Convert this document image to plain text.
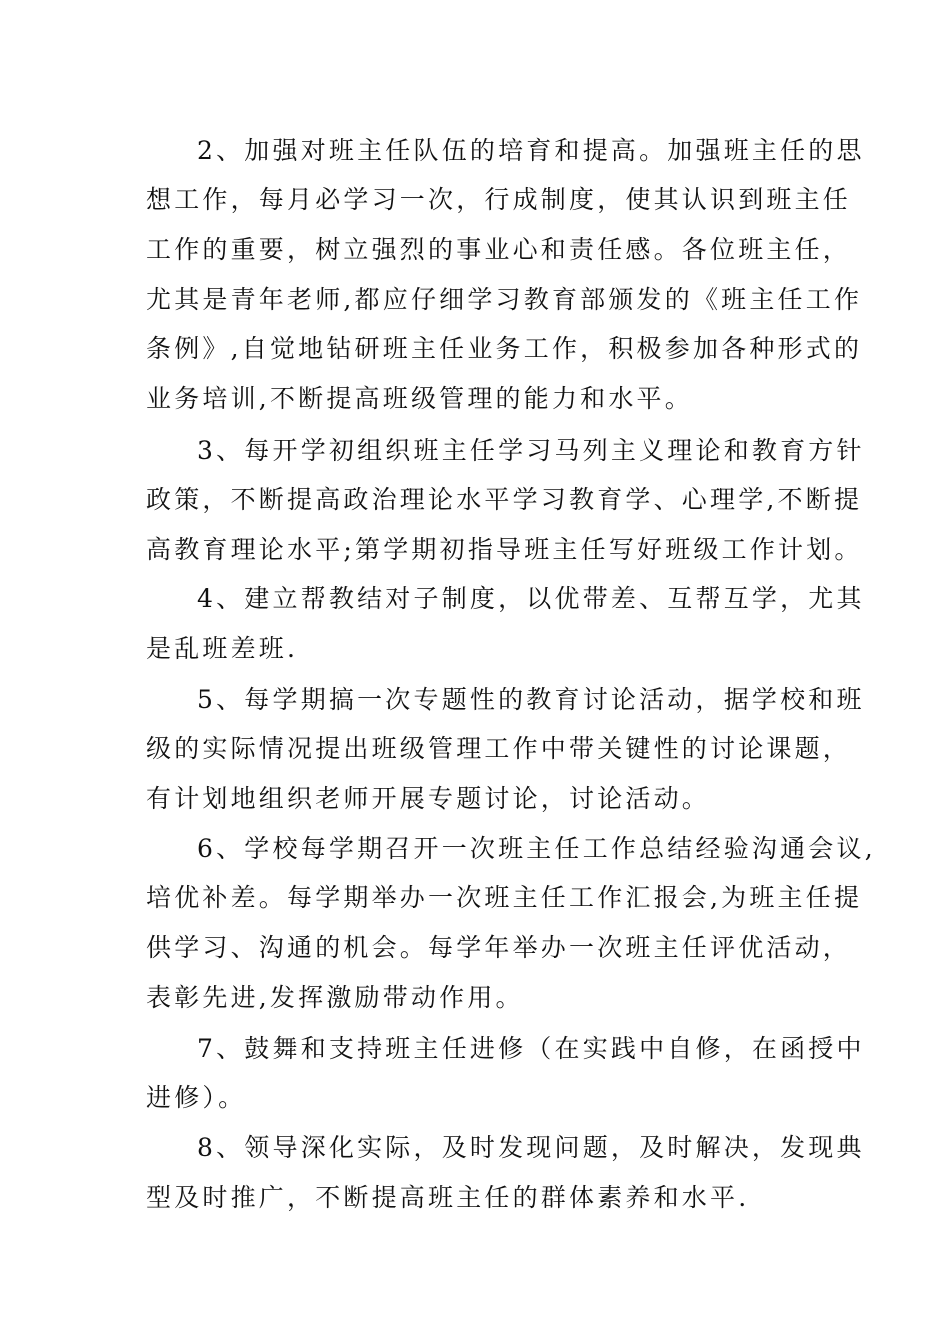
2、加强对班主任队伍的培育和提高。加强班主任的思
想工作，每月必学习一次，行成制度，使其认识到班主任
工作的重要，树立强烈的事业心和责任感。各位班主任，
尤其是青年老师,都应仔细学习教育部颁发的《班主任工作
条例》,自觉地钻研班主任业务工作，积极参加各种形式的
业务培训,不断提高班级管理的能力和水平。
3、每开学初组织班主任学习马列主义理论和教育方针
政策，不断提高政治理论水平学习教育学、心理学,不断提
高教育理论水平;第学期初指导班主任写好班级工作计划。
4、建立帮教结对子制度，以优带差、互帮互学，尤其
是乱班差班.
5、每学期搞一次专题性的教育讨论活动，据学校和班
级的实际情况提出班级管理工作中带关键性的讨论课题，
有计划地组织老师开展专题讨论，讨论活动。
6、学校每学期召开一次班主任工作总结经验沟通会议,
培优补差。每学期举办一次班主任工作汇报会,为班主任提
供学习、沟通的机会。每学年举办一次班主任评优活动，
表彰先进,发挥激励带动作用。
7、鼓舞和支持班主任进修（在实践中自修，在函授中
进修）。
8、领导深化实际，及时发现问题，及时解决，发现典
型及时推广，不断提高班主任的群体素养和水平.
